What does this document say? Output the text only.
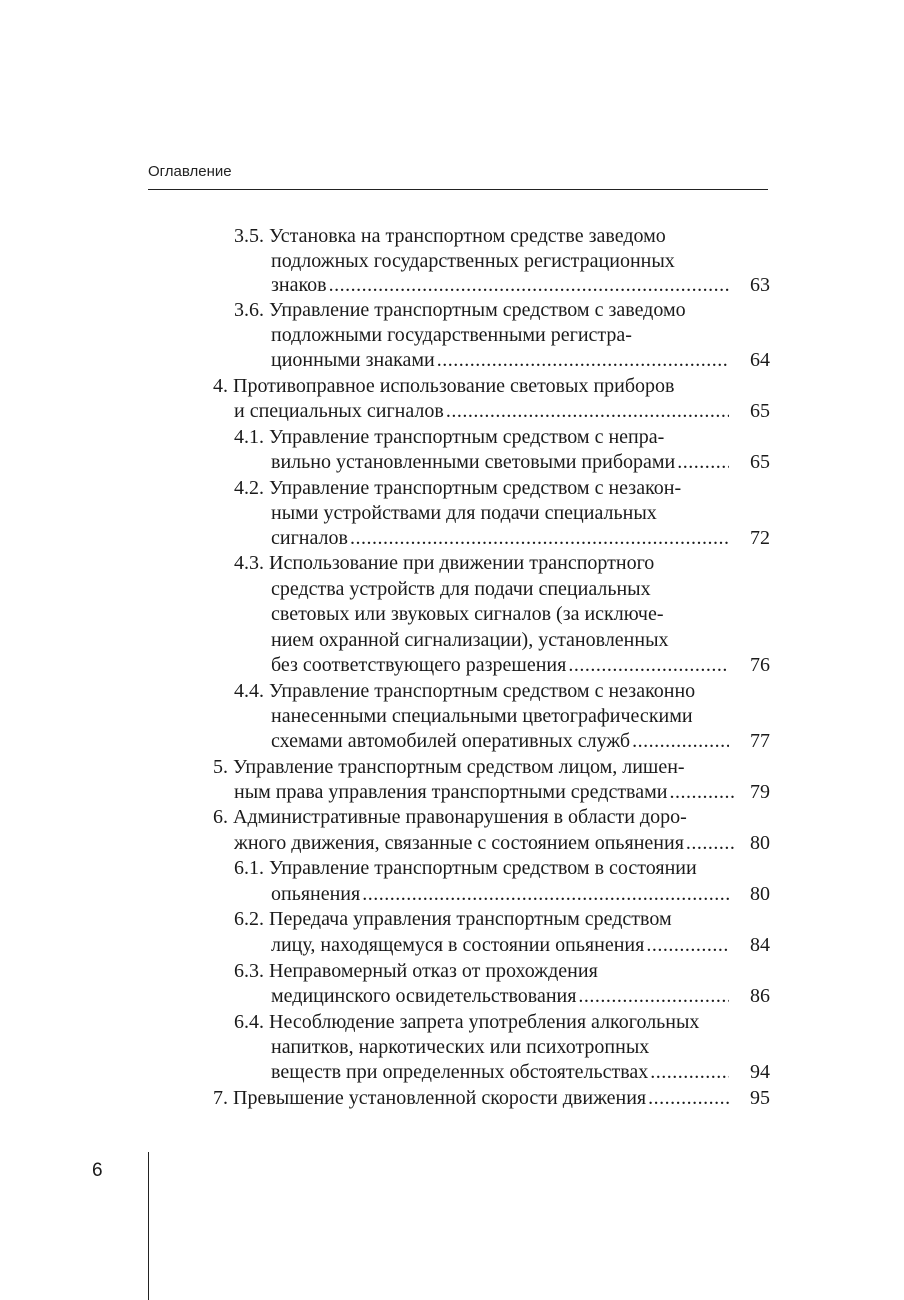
Оглавление
3.5. Установка на транспортном средстве заведомо
подложных государственных регистрационных
знаков .....	63
3.6. Управление транспортным средством с заведомо
подложными государственными регистра-
ционными знаками .....	64
4. Противоправное использование световых приборов
и специальных сигналов .....	65
4.1. Управление транспортным средством с непра-
вильно установленными световыми приборами .....	65
4.2. Управление транспортным средством с незакон-
ными устройствами для подачи специальных
сигналов .....	72
4.3. Использование при движении транспортного
средства устройств для подачи специальных
световых или звуковых сигналов (за исключе-
нием охранной сигнализации), установленных
без соответствующего разрешения .....	76
4.4. Управление транспортным средством с незаконно
нанесенными специальными цветографическими
схемами автомобилей оперативных служб .....	77
5. Управление транспортным средством лицом, лишен-
ным права управления транспортными средствами .....	79
6. Административные правонарушения в области доро-
жного движения, связанные с состоянием опьянения .....	80
6.1. Управление транспортным средством в состоянии
опьянения .....	80
6.2. Передача управления транспортным средством
лицу, находящемуся в состоянии опьянения .....	84
6.3. Неправомерный отказ от прохождения
медицинского освидетельствования .....	86
6.4. Несоблюдение запрета употребления алкогольных
напитков, наркотических или психотропных
веществ при определенных обстоятельствах .....	94
7. Превышение установленной скорости движения .....	95
6
